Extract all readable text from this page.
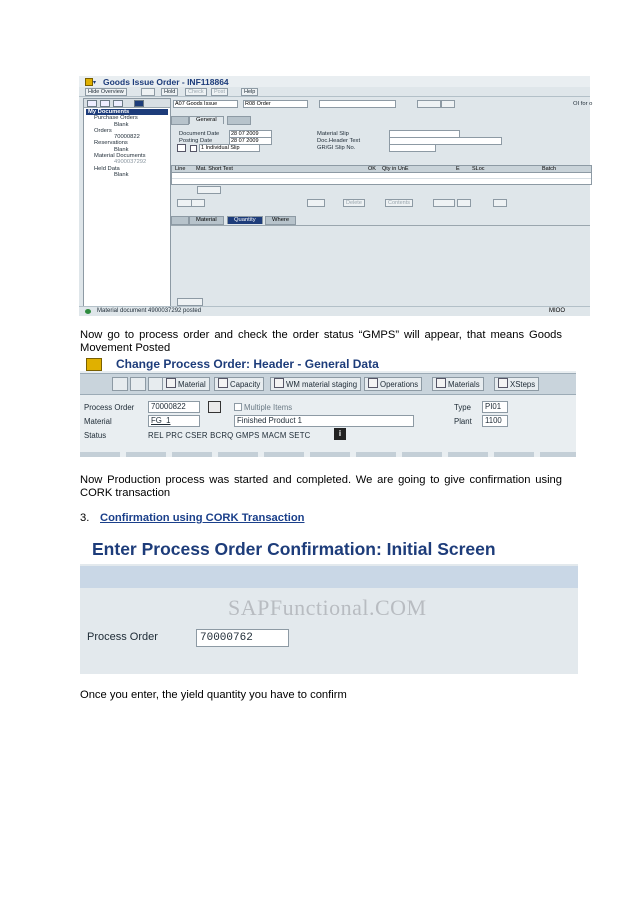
▾ Goods Issue Order - INF118864
Hide Overview	Hold	Check	Post	Help
My Documents
Purchase Orders
Blank
Orders
70000822
Reservations
Blank
Material Documents
4900037292
Held Data
Blank
A07 Goods Issue	R08 Order	OI for o
General
Document Date	28 07 2009
Posting Date	28 07 2009
1 Individual Slip
Material Slip
Doc.Header Text
GR/GI Slip No.
Line Mat. Short Text	OK Qty in UnE	E SLoc	Batch
Delete	Contents
Material	Quantity	Where
Material document 4900037292 posted	MIOO
Now go to process order and check the order status “GMPS” will appear, that means Goods Movement Posted
Change Process Order: Header - General Data
Material	Capacity	WM material staging	Operations	Materials	XSteps
Process Order	70000822	Multiple Items	Type	PI01
Material	FG_1	Finished Product 1	Plant	1100
Status	REL PRC CSER BCRQ GMPS MACM SETC	i
Now Production process was started and completed. We are going to give confirmation using CORK transaction
3. Confirmation using CORK Transaction
Enter Process Order Confirmation: Initial Screen
SAPFunctional.COM
Process Order	70000762
Once you enter, the yield quantity you have to confirm
